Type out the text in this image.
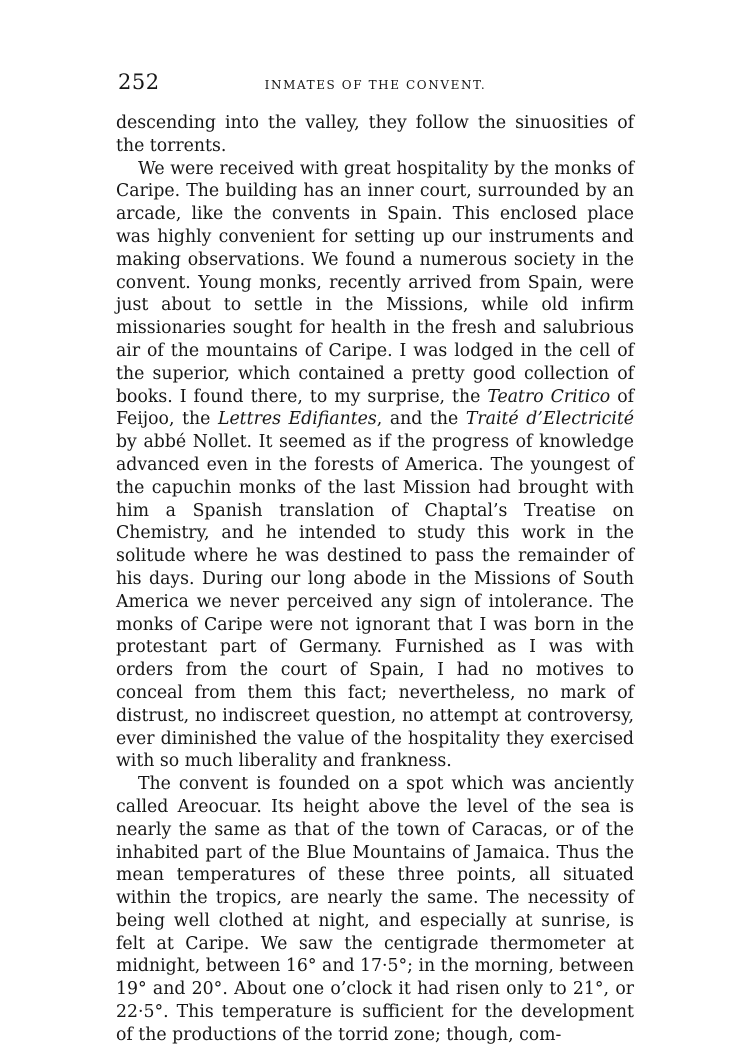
252	INMATES OF THE CONVENT.

descending into the valley, they follow the sinuosities of the torrents.

We were received with great hospitality by the monks of Caripe. The building has an inner court, surrounded by an arcade, like the convents in Spain. This enclosed place was highly convenient for setting up our instruments and making observations. We found a numerous society in the convent. Young monks, recently arrived from Spain, were just about to settle in the Missions, while old infirm missionaries sought for health in the fresh and salubrious air of the mountains of Caripe. I was lodged in the cell of the superior, which contained a pretty good collection of books. I found there, to my surprise, the Teatro Critico of Feijoo, the Lettres Edifiantes, and the Traité d’Electricité by abbé Nollet. It seemed as if the progress of knowledge advanced even in the forests of America. The youngest of the capuchin monks of the last Mission had brought with him a Spanish translation of Chaptal’s Treatise on Chemistry, and he intended to study this work in the solitude where he was destined to pass the remainder of his days. During our long abode in the Missions of South America we never perceived any sign of intolerance. The monks of Caripe were not ignorant that I was born in the protestant part of Germany. Furnished as I was with orders from the court of Spain, I had no motives to conceal from them this fact; nevertheless, no mark of distrust, no indiscreet question, no attempt at controversy, ever diminished the value of the hospitality they exercised with so much liberality and frankness.

The convent is founded on a spot which was anciently called Areocuar. Its height above the level of the sea is nearly the same as that of the town of Caracas, or of the inhabited part of the Blue Mountains of Jamaica. Thus the mean temperatures of these three points, all situated within the tropics, are nearly the same. The necessity of being well clothed at night, and especially at sunrise, is felt at Caripe. We saw the centigrade thermometer at midnight, between 16° and 17·5°; in the morning, between 19° and 20°. About one o’clock it had risen only to 21°, or 22·5°. This temperature is sufficient for the development of the productions of the torrid zone; though, com-
